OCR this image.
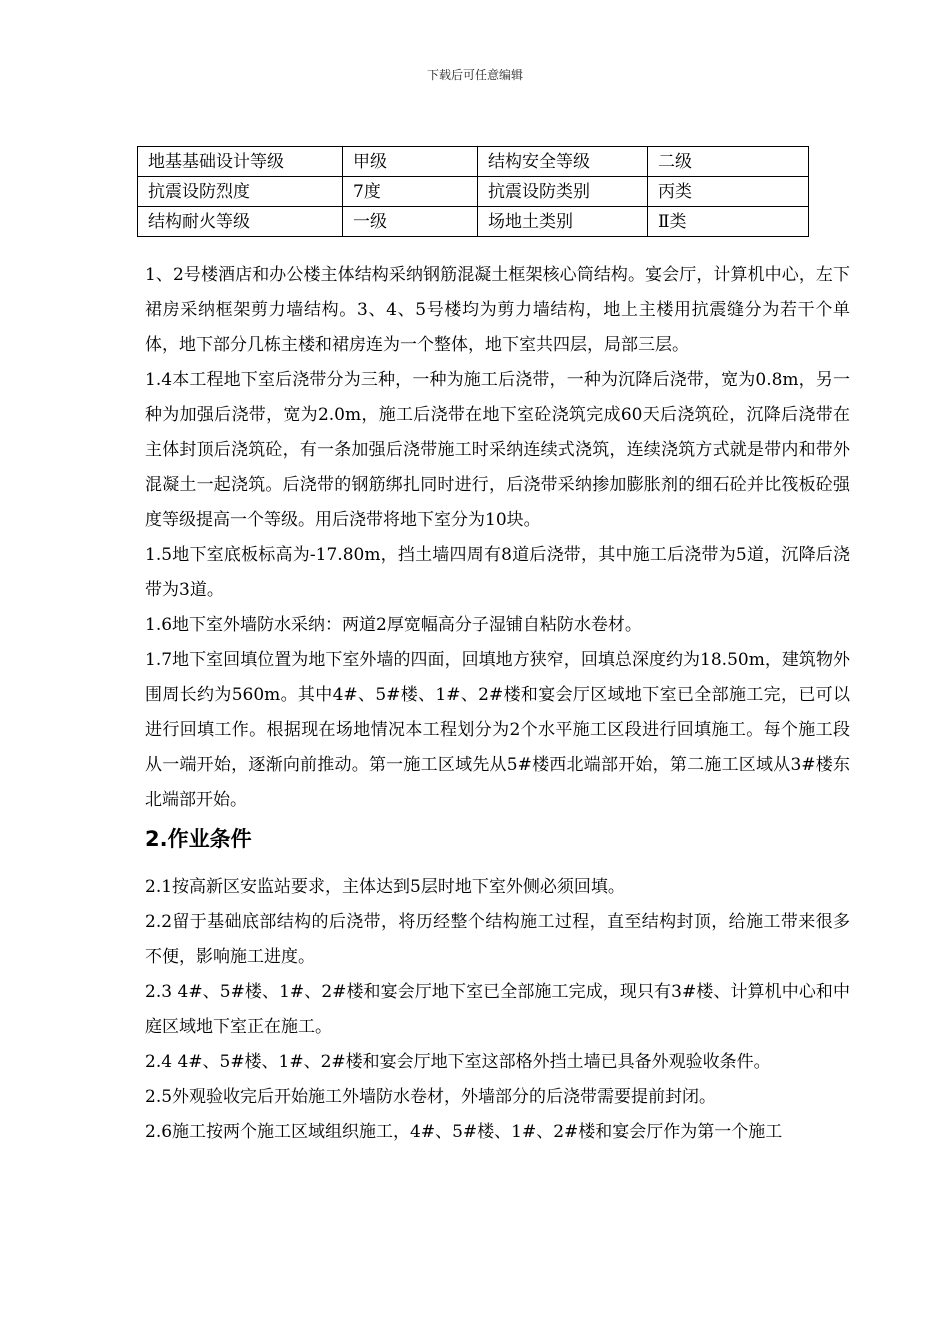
下载后可任意编辑
地基基础设计等级	甲级	结构安全等级	二级
抗震设防烈度	7度	抗震设防类别	丙类
结构耐火等级	一级	场地土类别	Ⅱ类

1、2号楼酒店和办公楼主体结构采纳钢筋混凝土框架核心筒结构。宴会厅，计算机中心，左下裙房采纳框架剪力墙结构。3、4、5号楼均为剪力墙结构，地上主楼用抗震缝分为若干个单体，地下部分几栋主楼和裙房连为一个整体，地下室共四层，局部三层。

1.4本工程地下室后浇带分为三种，一种为施工后浇带，一种为沉降后浇带，宽为0.8m，另一种为加强后浇带，宽为2.0m，施工后浇带在地下室砼浇筑完成60天后浇筑砼，沉降后浇带在主体封顶后浇筑砼，有一条加强后浇带施工时采纳连续式浇筑，连续浇筑方式就是带内和带外混凝土一起浇筑。后浇带的钢筋绑扎同时进行，后浇带采纳掺加膨胀剂的细石砼并比筏板砼强度等级提高一个等级。用后浇带将地下室分为10块。

1.5地下室底板标高为-17.80m，挡土墙四周有8道后浇带，其中施工后浇带为5道，沉降后浇带为3道。

1.6地下室外墙防水采纳：两道2厚宽幅高分子湿铺自粘防水卷材。

1.7地下室回填位置为地下室外墙的四面，回填地方狭窄，回填总深度约为18.50m，建筑物外围周长约为560m。其中4#、5#楼、1#、2#楼和宴会厅区域地下室已全部施工完，已可以进行回填工作。根据现在场地情况本工程划分为2个水平施工区段进行回填施工。每个施工段从一端开始，逐渐向前推动。第一施工区域先从5#楼西北端部开始，第二施工区域从3#楼东北端部开始。

2.作业条件

2.1按高新区安监站要求，主体达到5层时地下室外侧必须回填。

2.2留于基础底部结构的后浇带，将历经整个结构施工过程，直至结构封顶，给施工带来很多不便，影响施工进度。

2.3 4#、5#楼、1#、2#楼和宴会厅地下室已全部施工完成，现只有3#楼、计算机中心和中庭区域地下室正在施工。

2.4 4#、5#楼、1#、2#楼和宴会厅地下室这部格外挡土墙已具备外观验收条件。

2.5外观验收完后开始施工外墙防水卷材，外墙部分的后浇带需要提前封闭。

2.6施工按两个施工区域组织施工，4#、5#楼、1#、2#楼和宴会厅作为第一个施工
